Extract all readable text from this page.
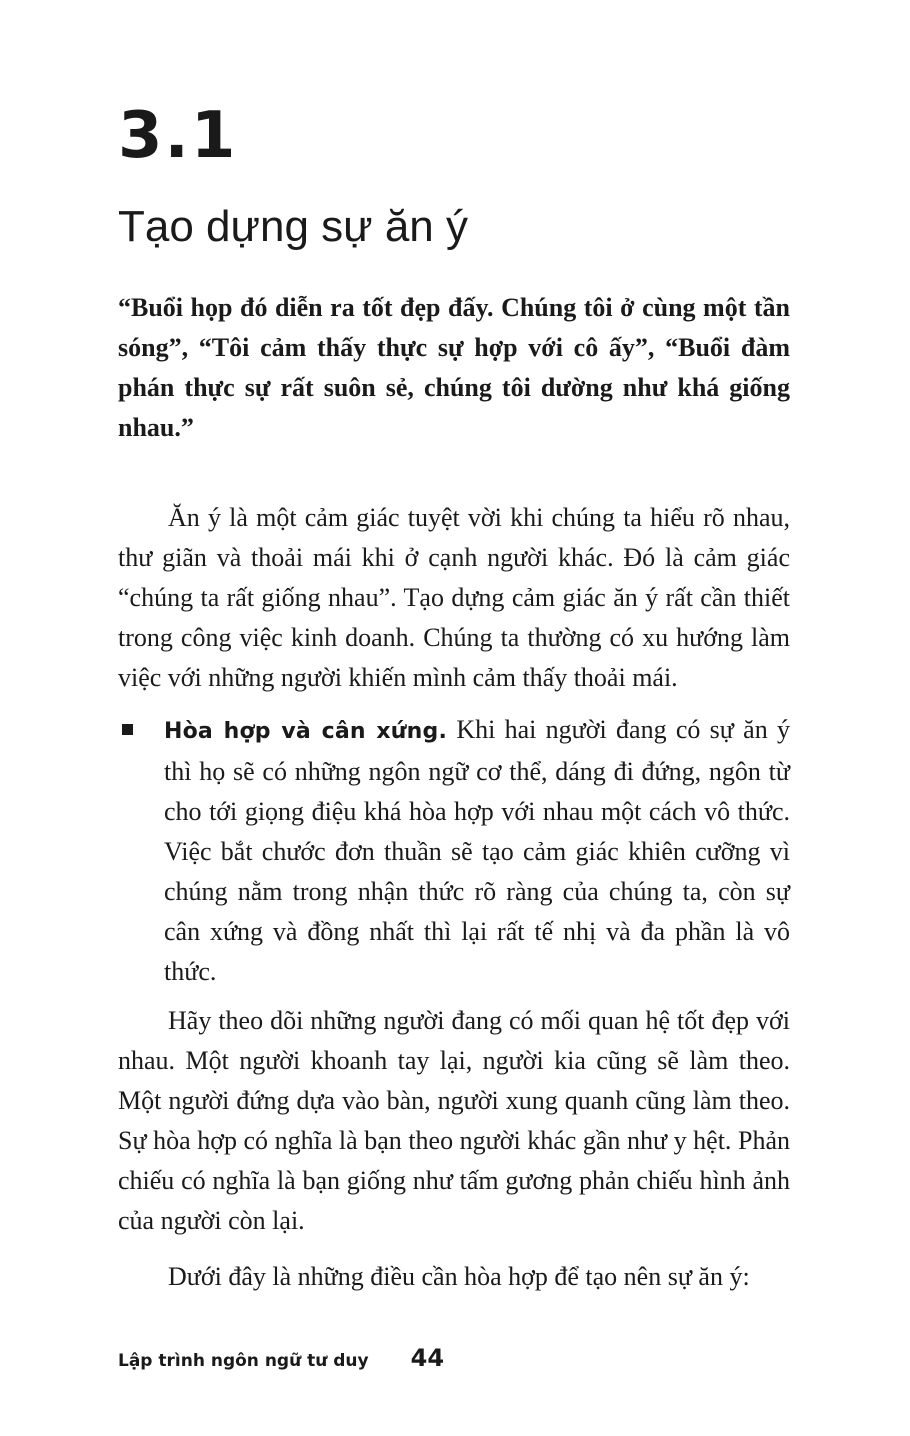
3.1
Tạo dựng sự ăn ý

“Buổi họp đó diễn ra tốt đẹp đấy. Chúng tôi ở cùng một tần sóng”, “Tôi cảm thấy thực sự hợp với cô ấy”, “Buổi đàm phán thực sự rất suôn sẻ, chúng tôi dường như khá giống nhau.”

Ăn ý là một cảm giác tuyệt vời khi chúng ta hiểu rõ nhau, thư giãn và thoải mái khi ở cạnh người khác. Đó là cảm giác “chúng ta rất giống nhau”. Tạo dựng cảm giác ăn ý rất cần thiết trong công việc kinh doanh. Chúng ta thường có xu hướng làm việc với những người khiến mình cảm thấy thoải mái.

Hòa hợp và cân xứng. Khi hai người đang có sự ăn ý thì họ sẽ có những ngôn ngữ cơ thể, dáng đi đứng, ngôn từ cho tới giọng điệu khá hòa hợp với nhau một cách vô thức. Việc bắt chước đơn thuần sẽ tạo cảm giác khiên cưỡng vì chúng nằm trong nhận thức rõ ràng của chúng ta, còn sự cân xứng và đồng nhất thì lại rất tế nhị và đa phần là vô thức.

Hãy theo dõi những người đang có mối quan hệ tốt đẹp với nhau. Một người khoanh tay lại, người kia cũng sẽ làm theo. Một người đứng dựa vào bàn, người xung quanh cũng làm theo. Sự hòa hợp có nghĩa là bạn theo người khác gần như y hệt. Phản chiếu có nghĩa là bạn giống như tấm gương phản chiếu hình ảnh của người còn lại.

Dưới đây là những điều cần hòa hợp để tạo nên sự ăn ý:

Lập trình ngôn ngữ tư duy 44
